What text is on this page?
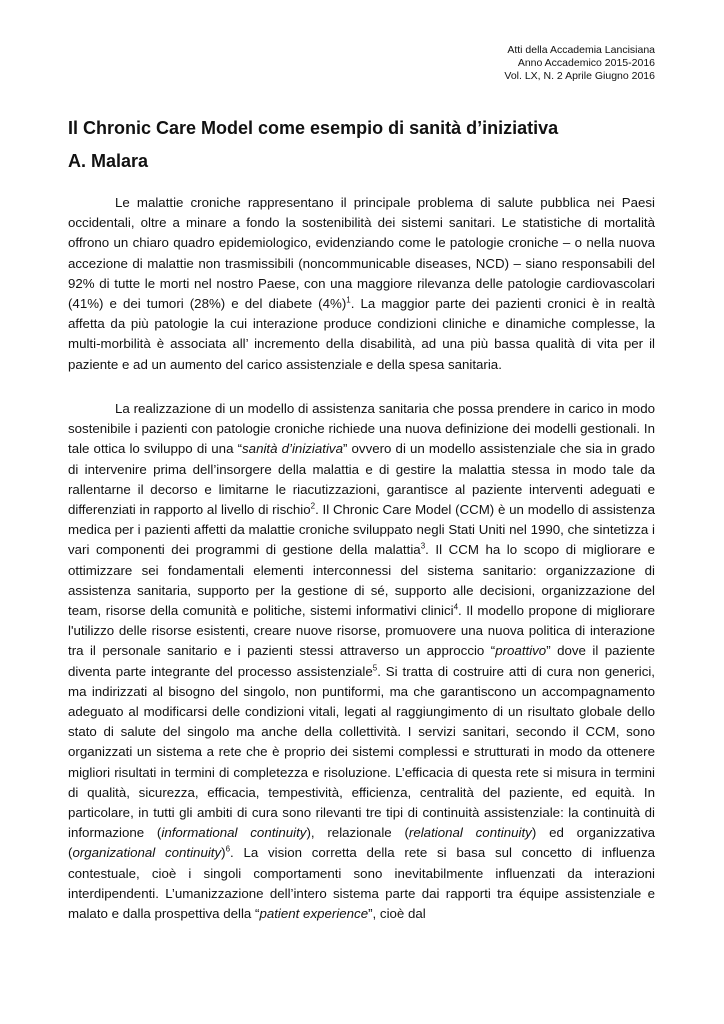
Atti della Accademia Lancisiana
Anno Accademico 2015-2016
Vol. LX, N. 2 Aprile Giugno 2016
Il Chronic Care Model come esempio di sanità d’iniziativa
A. Malara

Le malattie croniche rappresentano il principale problema di salute pubblica nei Paesi occidentali, oltre a minare a fondo la sostenibilità dei sistemi sanitari. Le statistiche di mortalità offrono un chiaro quadro epidemiologico, evidenziando come le patologie croniche – o nella nuova accezione di malattie non trasmissibili (noncommunicable diseases, NCD) – siano responsabili del 92% di tutte le morti nel nostro Paese, con una maggiore rilevanza delle patologie cardiovascolari (41%) e dei tumori (28%) e del diabete $(4\%)^1$. La maggior parte dei pazienti cronici è in realtà affetta da più patologie la cui interazione produce condizioni cliniche e dinamiche complesse, la multi-morbilità è associata all’ incremento della disabilità, ad una più bassa qualità di vita per il paziente e ad un aumento del carico assistenziale e della spesa sanitaria.

La realizzazione di un modello di assistenza sanitaria che possa prendere in carico in modo sostenibile i pazienti con patologie croniche richiede una nuova definizione dei modelli gestionali. In tale ottica lo sviluppo di una “sanità d’iniziativa” ovvero di un modello assistenziale che sia in grado di intervenire prima dell’insorgere della malattia e di gestire la malattia stessa in modo tale da rallentarne il decorso e limitarne le riacutizzazioni, garantisce al paziente interventi adeguati e differenziati in rapporto al livello di rischio$^2$. Il Chronic Care Model (CCM) è un modello di assistenza medica per i pazienti affetti da malattie croniche sviluppato negli Stati Uniti nel 1990, che sintetizza i vari componenti dei programmi di gestione della malattia$^3$. Il CCM ha lo scopo di migliorare e ottimizzare sei fondamentali elementi interconnessi del sistema sanitario: organizzazione di assistenza sanitaria, supporto per la gestione di sé, supporto alle decisioni, organizzazione del team, risorse della comunità e politiche, sistemi informativi clinici$^4$. Il modello propone di migliorare l'utilizzo delle risorse esistenti, creare nuove risorse, promuovere una nuova politica di interazione tra il personale sanitario e i pazienti stessi attraverso un approccio “proattivo” dove il paziente diventa parte integrante del processo assistenziale$^5$. Si tratta di costruire atti di cura non generici, ma indirizzati al bisogno del singolo, non puntiformi, ma che garantiscono un accompagnamento adeguato al modificarsi delle condizioni vitali, legati al raggiungimento di un risultato globale dello stato di salute del singolo ma anche della collettività. I servizi sanitari, secondo il CCM, sono organizzati un sistema a rete che è proprio dei sistemi complessi e strutturati in modo da ottenere migliori risultati in termini di completezza e risoluzione. L’efficacia di questa rete si misura in termini di qualità, sicurezza, efficacia, tempestività, efficienza, centralità del paziente, ed equità. In particolare, in tutti gli ambiti di cura sono rilevanti tre tipi di continuità assistenziale: la continuità di informazione (informational continuity), relazionale (relational continuity) ed organizzativa (organizational continuity)$^6$. La vision corretta della rete si basa sul concetto di influenza contestuale, cioè i singoli comportamenti sono inevitabilmente influenzati da interazioni interdipendenti. L’umanizzazione dell’intero sistema parte dai rapporti tra équipe assistenziale e malato e dalla prospettiva della “patient experience”, cioè dal
